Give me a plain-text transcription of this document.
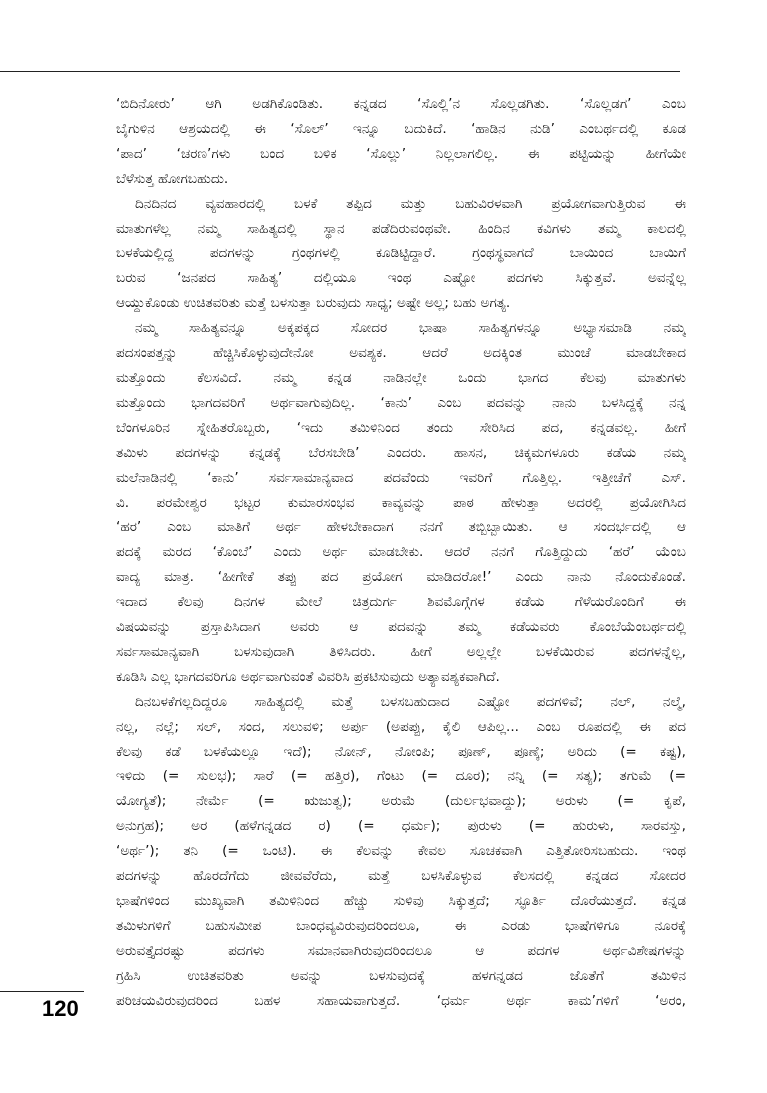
‘ಬಿದಿನೋರು’ ಆಗಿ ಅಡಗಿಕೊಂಡಿತು. ಕನ್ನಡದ ‘ಸೊಲ್ಲಿ’ನ ಸೊಲ್ಲಡಗಿತು. ‘ಸೊಲ್ಲಡಗ’ ಎಂಬ
ಬೈಗುಳಿನ ಆಶ್ರಯದಲ್ಲಿ ಈ ‘ಸೊಲ್’ ಇನ್ನೂ ಬದುಕಿದೆ. ‘ಹಾಡಿನ ನುಡಿ’ ಎಂಬರ್ಥದಲ್ಲಿ ಕೂಡ
‘ಪಾದ’ ‘ಚರಣ’ಗಳು ಬಂದ ಬಳಿಕ ‘ಸೊಲ್ಲು’ ನಿಲ್ಲಲಾಗಲಿಲ್ಲ. ಈ ಪಟ್ಟಿಯನ್ನು ಹೀಗೆಯೇ
ಬೆಳೆಸುತ್ತ ಹೋಗಬಹುದು.
ದಿನದಿನದ ವ್ಯವಹಾರದಲ್ಲಿ ಬಳಕೆ ತಪ್ಪಿದ ಮತ್ತು ಬಹುವಿರಳವಾಗಿ ಪ್ರಯೋಗವಾಗುತ್ತಿರುವ ಈ
ಮಾತುಗಳೆಲ್ಲ ನಮ್ಮ ಸಾಹಿತ್ಯದಲ್ಲಿ ಸ್ಥಾನ ಪಡೆದಿರುವಂಥವೇ. ಹಿಂದಿನ ಕವಿಗಳು ತಮ್ಮ ಕಾಲದಲ್ಲಿ
ಬಳಕೆಯಲ್ಲಿದ್ದ ಪದಗಳನ್ನು ಗ್ರಂಥಗಳಲ್ಲಿ ಕೂಡಿಟ್ಟಿದ್ದಾರೆ. ಗ್ರಂಥಸ್ಥವಾಗದೆ ಬಾಯಿಂದ ಬಾಯಿಗೆ
ಬರುವ ‘ಜನಪದ ಸಾಹಿತ್ಯ’ ದಲ್ಲಿಯೂ ಇಂಥ ಎಷ್ಟೋ ಪದಗಳು ಸಿಕ್ಕುತ್ತವೆ. ಅವನ್ನೆಲ್ಲ
ಆಯ್ದುಕೊಂಡು ಉಚಿತವರಿತು ಮತ್ತೆ ಬಳಸುತ್ತಾ ಬರುವುದು ಸಾಧ್ಯ; ಅಷ್ಟೇ ಅಲ್ಲ; ಬಹು ಅಗತ್ಯ.
ನಮ್ಮ ಸಾಹಿತ್ಯವನ್ನೂ ಅಕ್ಕಪಕ್ಕದ ಸೋದರ ಭಾಷಾ ಸಾಹಿತ್ಯಗಳನ್ನೂ ಅಭ್ಯಾಸಮಾಡಿ ನಮ್ಮ
ಪದಸಂಪತ್ತನ್ನು ಹೆಚ್ಚಿಸಿಕೊಳ್ಳುವುದೇನೋ ಅವಶ್ಯಕ. ಆದರೆ ಅದಕ್ಕಿಂತ ಮುಂಚೆ ಮಾಡಬೇಕಾದ
ಮತ್ತೊಂದು ಕೆಲಸವಿದೆ. ನಮ್ಮ ಕನ್ನಡ ನಾಡಿನಲ್ಲೇ ಒಂದು ಭಾಗದ ಕೆಲವು ಮಾತುಗಳು
ಮತ್ತೊಂದು ಭಾಗದವರಿಗೆ ಅರ್ಥವಾಗುವುದಿಲ್ಲ. ‘ಕಾನು’ ಎಂಬ ಪದವನ್ನು ನಾನು ಬಳಸಿದ್ದಕ್ಕೆ ನನ್ನ
ಬೆಂಗಳೂರಿನ ಸ್ನೇಹಿತರೊಬ್ಬರು, ‘ಇದು ತಮಿಳಿನಿಂದ ತಂದು ಸೇರಿಸಿದ ಪದ, ಕನ್ನಡವಲ್ಲ. ಹೀಗೆ
ತಮಿಳು ಪದಗಳನ್ನು ಕನ್ನಡಕ್ಕೆ ಬೆರಸಬೇಡಿ’ ಎಂದರು. ಹಾಸನ, ಚಿಕ್ಕಮಗಳೂರು ಕಡೆಯ ನಮ್ಮ
ಮಲೆನಾಡಿನಲ್ಲಿ ‘ಕಾನು’ ಸರ್ವಸಾಮಾನ್ಯವಾದ ಪದವೆಂದು ಇವರಿಗೆ ಗೊತ್ತಿಲ್ಲ. ಇತ್ತೀಚೆಗೆ ಎಸ್.
ವಿ. ಪರಮೇಶ್ವರ ಭಟ್ಟರ ಕುಮಾರಸಂಭವ ಕಾವ್ಯವನ್ನು ಪಾಠ ಹೇಳುತ್ತಾ ಅದರಲ್ಲಿ ಪ್ರಯೋಗಿಸಿದ
‘ಹರ’ ಎಂಬ ಮಾತಿಗೆ ಅರ್ಥ ಹೇಳಬೇಕಾದಾಗ ನನಗೆ ತಬ್ಬಿಬ್ಬಾಯಿತು. ಆ ಸಂದರ್ಭದಲ್ಲಿ ಆ
ಪದಕ್ಕೆ ಮರದ ‘ಕೊಂಬೆ’ ಎಂದು ಅರ್ಥ ಮಾಡಬೇಕು. ಆದರೆ ನನಗೆ ಗೊತ್ತಿದ್ದುದು ‘ಹರೆ’ ಯೆಂಬ
ವಾದ್ಯ ಮಾತ್ರ. ‘ಹೀಗೇಕೆ ತಪ್ಪು ಪದ ಪ್ರಯೋಗ ಮಾಡಿದರೋ!’ ಎಂದು ನಾನು ನೊಂದುಕೊಂಡೆ.
ಇದಾದ ಕೆಲವು ದಿನಗಳ ಮೇಲೆ ಚಿತ್ರದುರ್ಗ ಶಿವಮೊಗ್ಗೆಗಳ ಕಡೆಯ ಗೆಳೆಯರೊಂದಿಗೆ ಈ
ವಿಷಯವನ್ನು ಪ್ರಸ್ತಾಪಿಸಿದಾಗ ಅವರು ಆ ಪದವನ್ನು ತಮ್ಮ ಕಡೆಯವರು ಕೊಂಬೆಯೆಂಬರ್ಥದಲ್ಲಿ
ಸರ್ವಸಾಮಾನ್ಯವಾಗಿ ಬಳಸುವುದಾಗಿ ತಿಳಿಸಿದರು. ಹೀಗೆ ಅಲ್ಲಲ್ಲೇ ಬಳಕೆಯಿರುವ ಪದಗಳನ್ನೆಲ್ಲ,
ಕೂಡಿಸಿ ಎಲ್ಲ ಭಾಗದವರಿಗೂ ಅರ್ಥವಾಗುವಂತೆ ವಿವರಿಸಿ ಪ್ರಕಟಿಸುವುದು ಅತ್ಯಾವಶ್ಯಕವಾಗಿದೆ.
ದಿನಬಳಕೆಗಲ್ಲದಿದ್ದರೂ ಸಾಹಿತ್ಯದಲ್ಲಿ ಮತ್ತೆ ಬಳಸಬಹುದಾದ ಎಷ್ಟೋ ಪದಗಳಿವೆ; ನಲ್, ನಲ್ಮೆ,
ನಲ್ಲ, ನಲ್ಲೆ; ಸಲ್, ಸಂದ, ಸಲುವಳಿ; ಅರ್ಪು (ಅಪಪ್ಪು, ಕೈಲಿ ಆಪಿಲ್ಲ... ಎಂಬ ರೂಪದಲ್ಲಿ ಈ ಪದ
ಕೆಲವು ಕಡೆ ಬಳಕೆಯಲ್ಲೂ ಇದೆ); ನೋನ್, ನೋಂಪಿ; ಪೂಣ್, ಪೂಣ್ಕೆ; ಅರಿದು (= ಕಷ್ಟ),
ಇಳಿದು (= ಸುಲಭ); ಸಾರೆ (= ಹತ್ತಿರ), ಗೆಂಟು (= ದೂರ); ನನ್ನಿ (= ಸತ್ಯ); ತಗುಮೆ (=
ಯೋಗ್ಯತೆ); ನೇರ್ಮೆ (= ಋಜುತ್ವ); ಅರುಮೆ (ದುರ್ಲಭವಾದ್ದು); ಅರುಳು (= ಕೃಪೆ,
ಅನುಗ್ರಹ); ಅರ (ಹಳೆಗನ್ನಡದ ರ) (= ಧರ್ಮ); ಪುರುಳು (= ಹುರುಳು, ಸಾರವಸ್ತು,
‘ಅರ್ಥ’); ತನಿ (= ಒಂಟಿ). ಈ ಕೆಲವನ್ನು ಕೇವಲ ಸೂಚಕವಾಗಿ ಎತ್ತಿತೋರಿಸಬಹುದು. ಇಂಥ
ಪದಗಳನ್ನು ಹೊರದೆಗೆದು ಜೀವವೆರೆದು, ಮತ್ತೆ ಬಳಸಿಕೊಳ್ಳುವ ಕೆಲಸದಲ್ಲಿ ಕನ್ನಡದ ಸೋದರ
ಭಾಷೆಗಳಿಂದ ಮುಖ್ಯವಾಗಿ ತಮಿಳಿನಿಂದ ಹೆಚ್ಚು ಸುಳಿವು ಸಿಕ್ಕುತ್ತದೆ; ಸ್ಫೂರ್ತಿ ದೊರೆಯುತ್ತದೆ. ಕನ್ನಡ
ತಮಿಳುಗಳಿಗೆ ಬಹುಸಮೀಪ ಬಾಂಧವ್ಯವಿರುವುದರಿಂದಲೂ, ಈ ಎರಡು ಭಾಷೆಗಳಿಗೂ ನೂರಕ್ಕೆ
ಅರುವತ್ತೈದರಷ್ಟು ಪದಗಳು ಸಮಾನವಾಗಿರುವುದರಿಂದಲೂ ಆ ಪದಗಳ ಅರ್ಥವಿಶೇಷಗಳನ್ನು
ಗ್ರಹಿಸಿ ಉಚಿತವರಿತು ಅವನ್ನು ಬಳಸುವುದಕ್ಕೆ ಹಳಗನ್ನಡದ ಜೊತೆಗೆ ತಮಿಳಿನ
ಪರಿಚಯವಿರುವುದರಿಂದ ಬಹಳ ಸಹಾಯವಾಗುತ್ತದೆ. ‘ಧರ್ಮ ಅರ್ಥ ಕಾಮ’ಗಳಿಗೆ ‘ಅರಂ,
120
